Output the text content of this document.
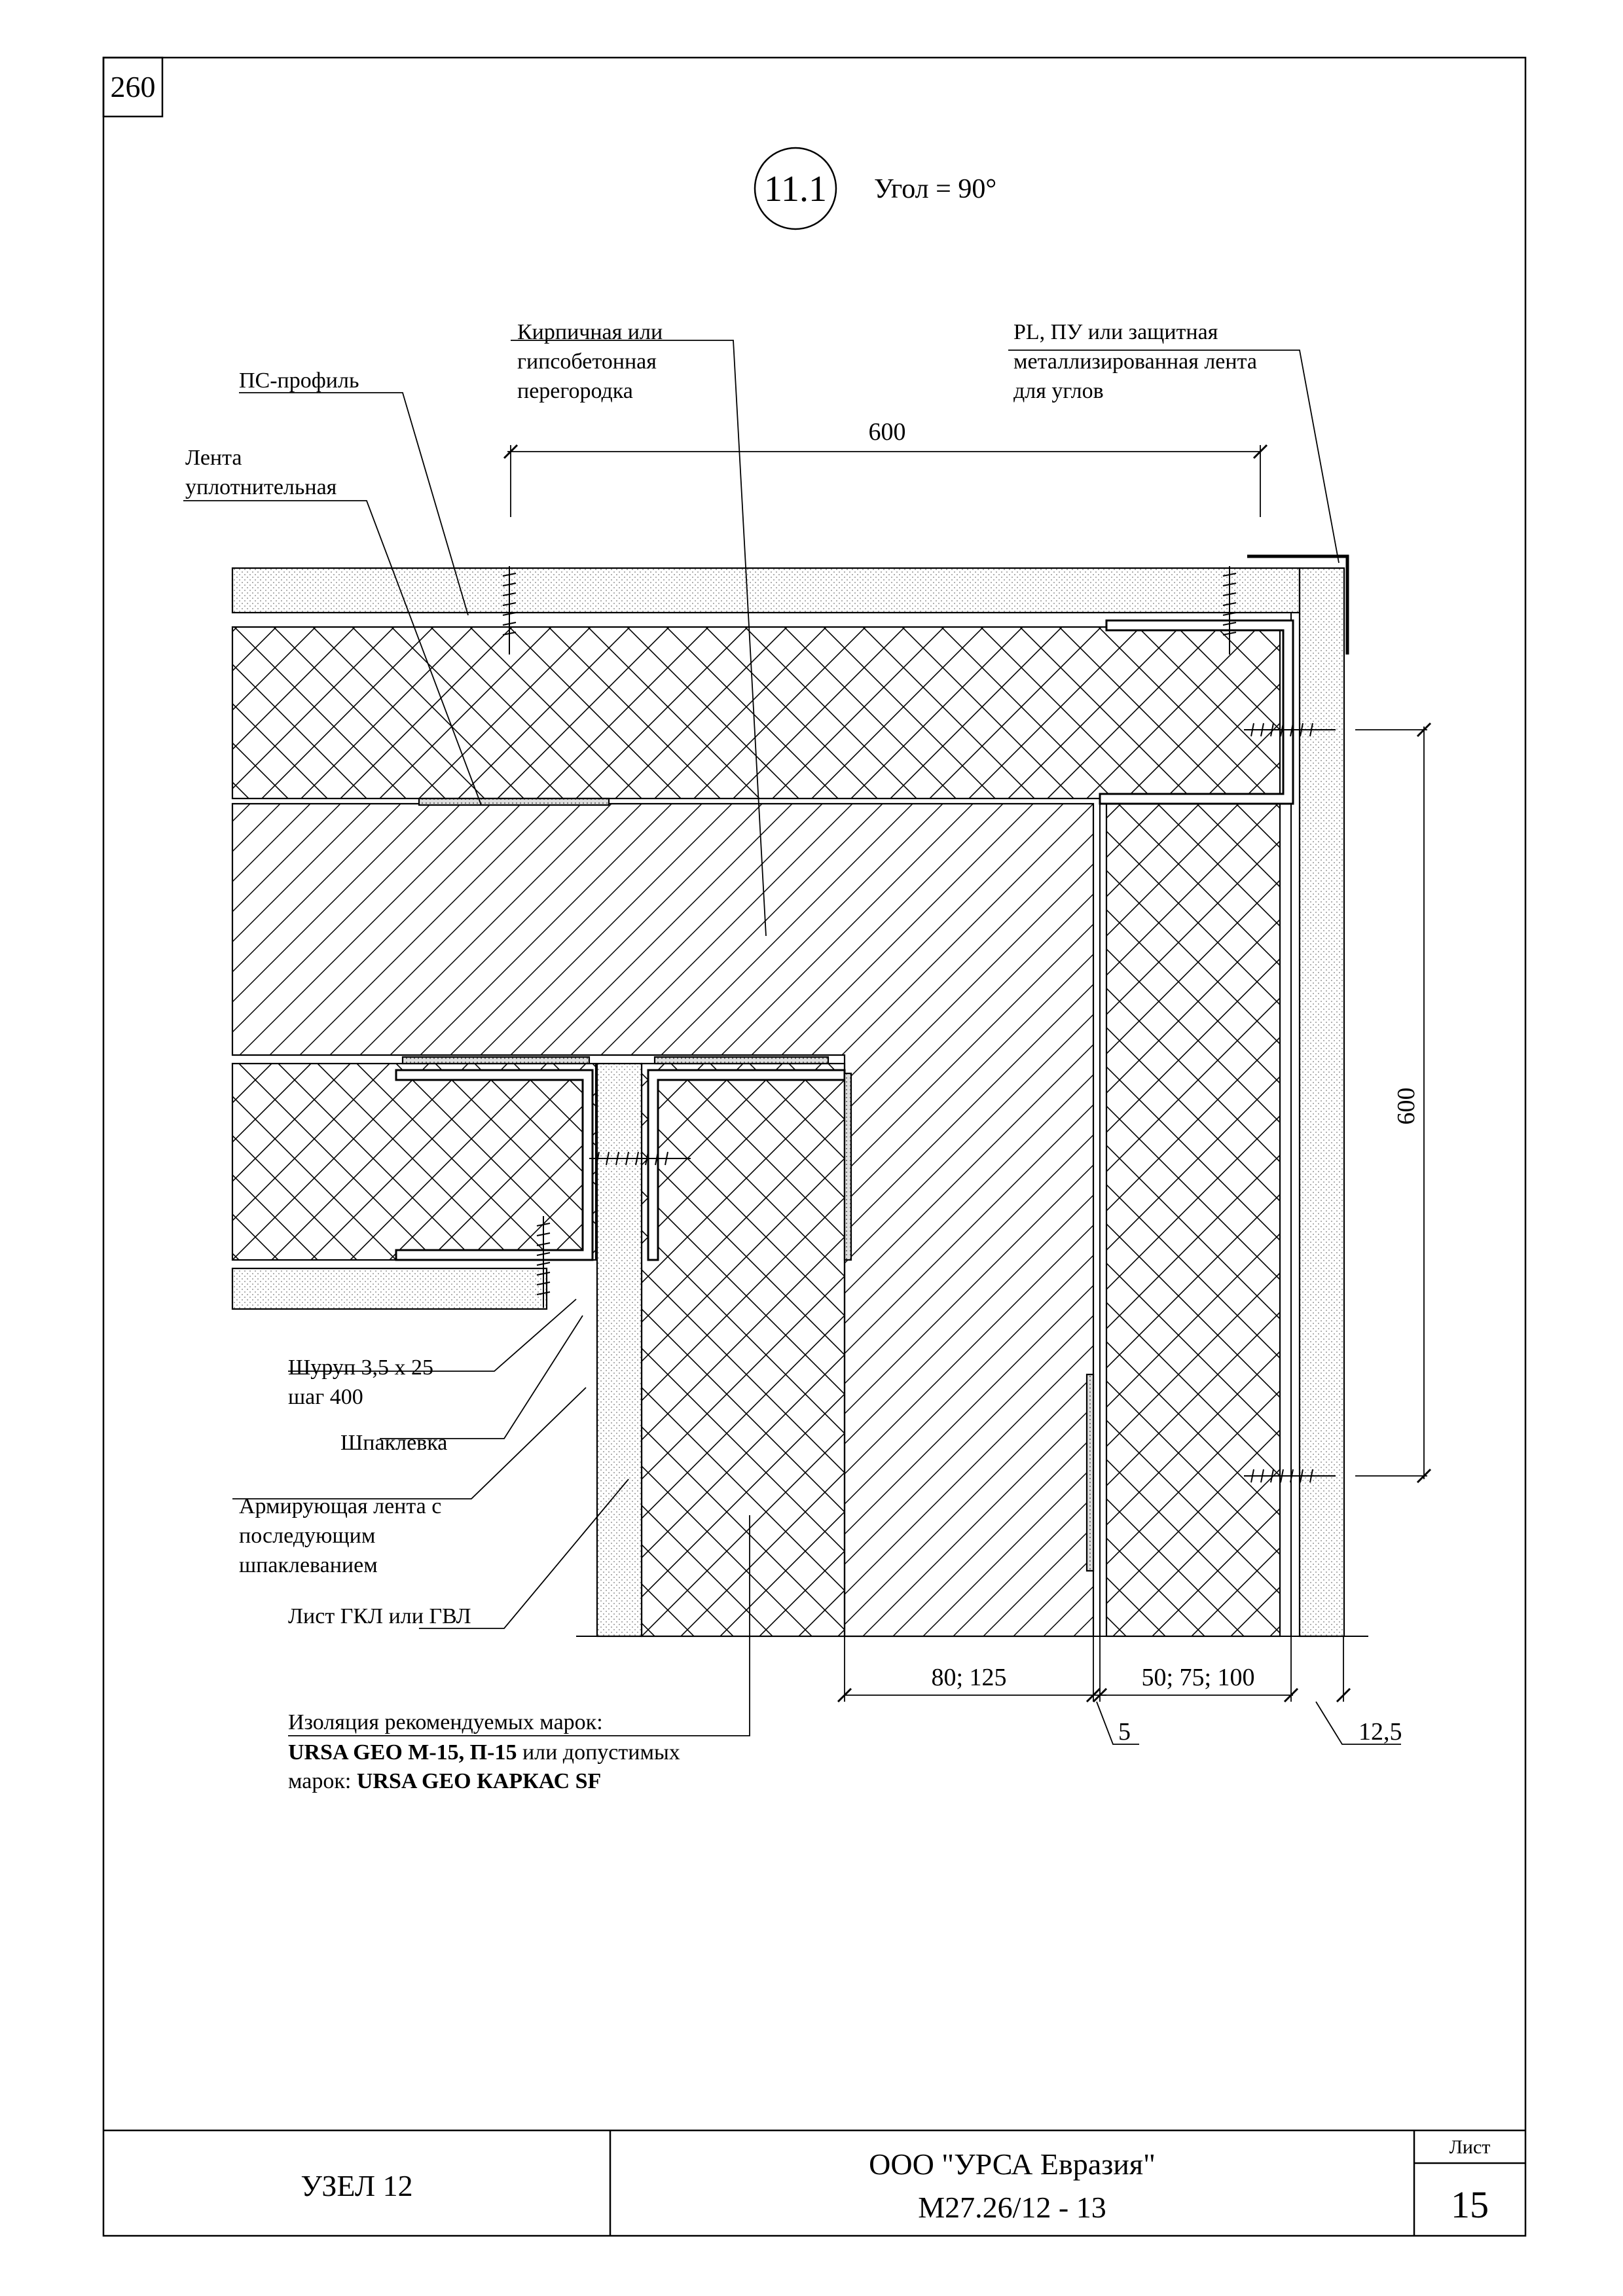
260
11.1 Угол = 90°
600
600
80; 125	50; 75; 100
5	12,5
ПС-профиль
Лента
уплотнительная
Кирпичная или
гипсобетонная
перегородка
PL, ПУ или защитная
металлизированная лента
для углов
Шуруп 3,5 х 25
шаг 400
Шпаклевка
Армирующая лента с
последующим
шпаклеванием
Лист ГКЛ или ГВЛ
Изоляция рекомендуемых марок:
URSA GEO М-15, П-15 или допустимых
марок: URSA GEO КАРКАС SF
УЗЕЛ 12
ООО "УРСА Евразия"
М27.26/12 - 13
Лист
15
